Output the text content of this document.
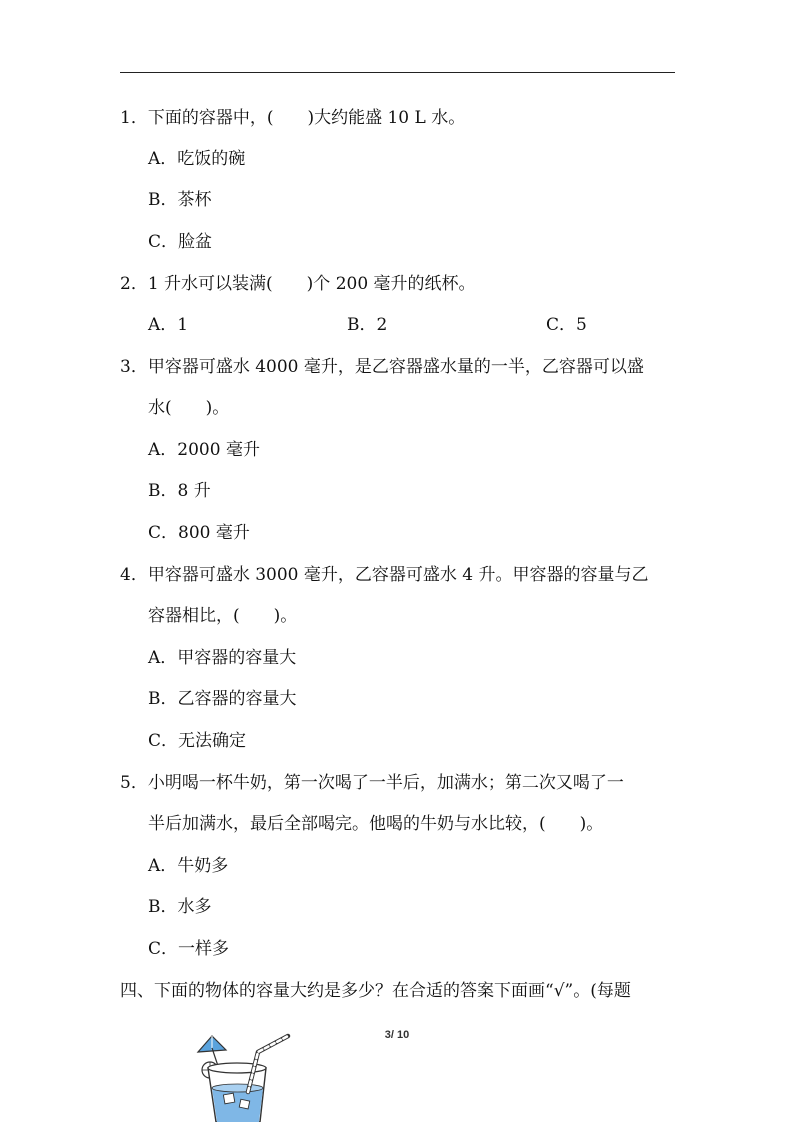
1．下面的容器中，(　　)大约能盛 10 L 水。
A．吃饭的碗
B．茶杯
C．脸盆
2．1 升水可以装满(　　)个 200 毫升的纸杯。
A．1	B．2	C．5
3．甲容器可盛水 4000 毫升，是乙容器盛水量的一半，乙容器可以盛
水(　　)。
A．2000 毫升
B．8 升
C．800 毫升
4．甲容器可盛水 3000 毫升，乙容器可盛水 4 升。甲容器的容量与乙
容器相比，(　　)。
A．甲容器的容量大
B．乙容器的容量大
C．无法确定
5．小明喝一杯牛奶，第一次喝了一半后，加满水；第二次又喝了一
半后加满水，最后全部喝完。他喝的牛奶与水比较，(　　)。
A．牛奶多
B．水多
C．一样多
四、下面的物体的容量大约是多少？在合适的答案下面画“√”。(每题
3/ 10
